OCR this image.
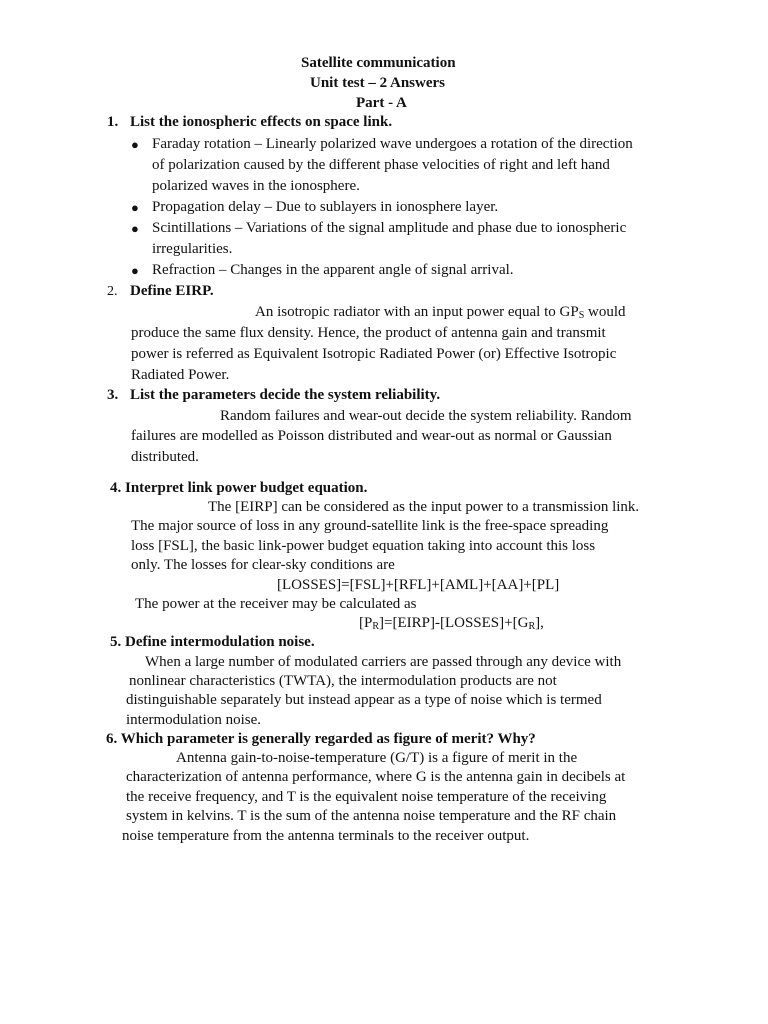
Satellite communication
Unit test – 2 Answers
Part - A
1. List the ionospheric effects on space link.
● Faraday rotation – Linearly polarized wave undergoes a rotation of the direction
of polarization caused by the different phase velocities of right and left hand
polarized waves in the ionosphere.
● Propagation delay – Due to sublayers in ionosphere layer.
● Scintillations – Variations of the signal amplitude and phase due to ionospheric
irregularities.
● Refraction – Changes in the apparent angle of signal arrival.
2. Define EIRP.
An isotropic radiator with an input power equal to $GP_S$ would
produce the same flux density. Hence, the product of antenna gain and transmit
power is referred as Equivalent Isotropic Radiated Power (or) Effective Isotropic
Radiated Power.
3. List the parameters decide the system reliability.
Random failures and wear-out decide the system reliability. Random
failures are modelled as Poisson distributed and wear-out as normal or Gaussian
distributed.
4. Interpret link power budget equation.
The [EIRP] can be considered as the input power to a transmission link.
The major source of loss in any ground-satellite link is the free-space spreading
loss [FSL], the basic link-power budget equation taking into account this loss
only. The losses for clear-sky conditions are
[LOSSES]=[FSL]+[RFL]+[AML]+[AA]+[PL]
The power at the receiver may be calculated as
$[P_R]=[EIRP]-[LOSSES]+[G_R]$,
5. Define intermodulation noise.
When a large number of modulated carriers are passed through any device with
nonlinear characteristics (TWTA), the intermodulation products are not
distinguishable separately but instead appear as a type of noise which is termed
intermodulation noise.
6. Which parameter is generally regarded as figure of merit? Why?
Antenna gain-to-noise-temperature (G/T) is a figure of merit in the
characterization of antenna performance, where G is the antenna gain in decibels at
the receive frequency, and T is the equivalent noise temperature of the receiving
system in kelvins. T is the sum of the antenna noise temperature and the RF chain
noise temperature from the antenna terminals to the receiver output.
